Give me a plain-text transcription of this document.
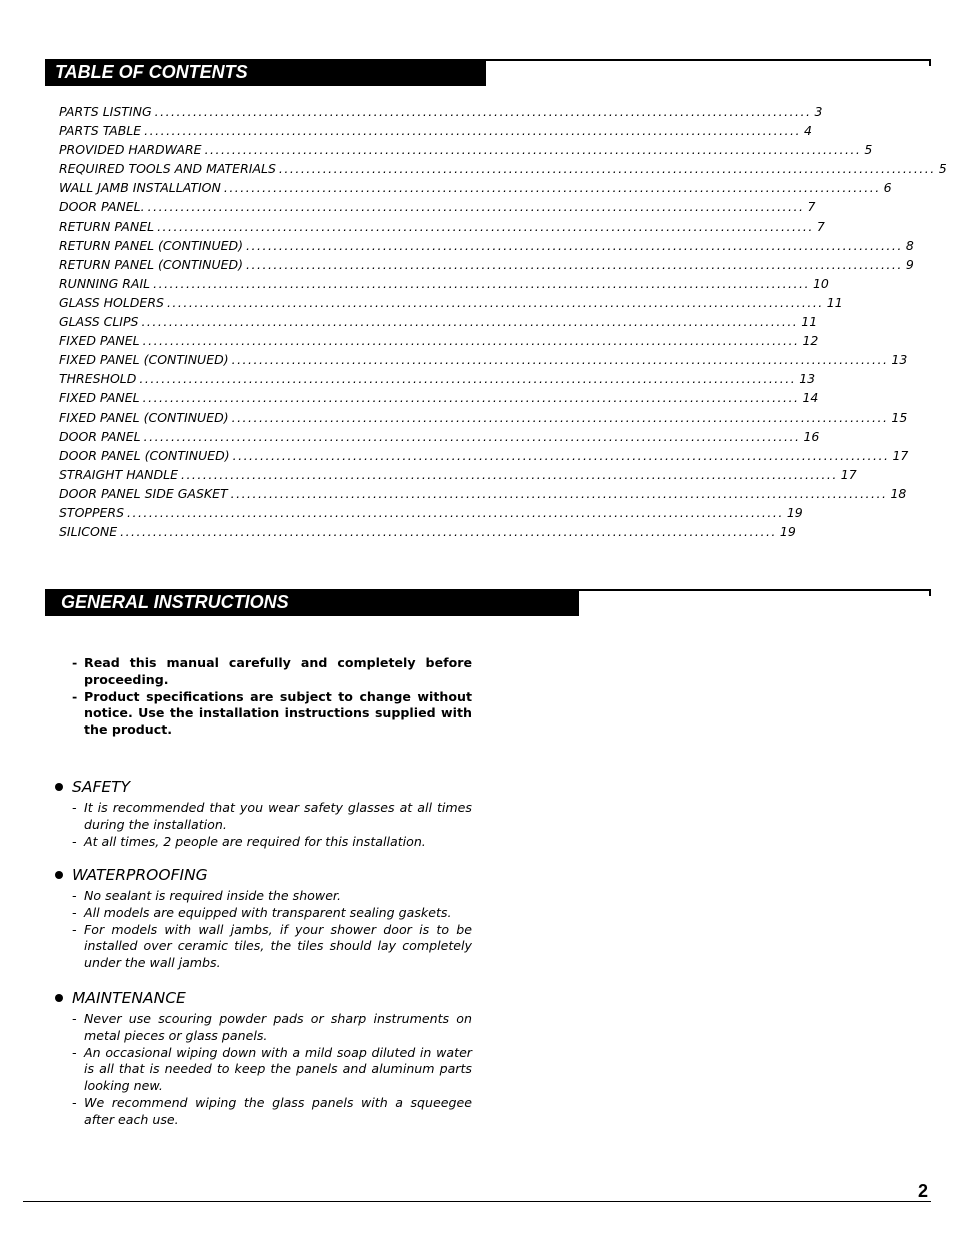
TABLE OF CONTENTS
PARTS LISTING ........................................................................................................................ 3
PARTS TABLE ........................................................................................................................ 4
PROVIDED HARDWARE ........................................................................................................................ 5
REQUIRED TOOLS AND MATERIALS ........................................................................................................................ 5
WALL JAMB INSTALLATION ........................................................................................................................ 6
DOOR PANEL. ........................................................................................................................ 7
RETURN PANEL ........................................................................................................................ 7
RETURN PANEL (CONTINUED) ........................................................................................................................ 8
RETURN PANEL (CONTINUED) ........................................................................................................................ 9
RUNNING RAIL ........................................................................................................................ 10
GLASS HOLDERS ........................................................................................................................ 11
GLASS CLIPS ........................................................................................................................ 11
FIXED PANEL ........................................................................................................................ 12
FIXED PANEL (CONTINUED) ........................................................................................................................ 13
THRESHOLD ........................................................................................................................ 13
FIXED PANEL ........................................................................................................................ 14
FIXED PANEL (CONTINUED) ........................................................................................................................ 15
DOOR PANEL ........................................................................................................................ 16
DOOR PANEL (CONTINUED) ........................................................................................................................ 17
STRAIGHT HANDLE ........................................................................................................................ 17
DOOR PANEL SIDE GASKET ........................................................................................................................ 18
STOPPERS ........................................................................................................................ 19
SILICONE ........................................................................................................................ 19
GENERAL INSTRUCTIONS
- Read this manual carefully and completely before proceeding.
- Product specifications are subject to change without notice. Use the installation instructions supplied with the product.
SAFETY
- It is recommended that you wear safety glasses at all times during the installation.
- At all times, 2 people are required for this installation.
WATERPROOFING
- No sealant is required inside the shower.
- All models are equipped with transparent sealing gaskets.
- For models with wall jambs, if your shower door is to be installed over ceramic tiles, the tiles should lay completely under the wall jambs.
MAINTENANCE
- Never use scouring powder pads or sharp instruments on metal pieces or glass panels.
- An occasional wiping down with a mild soap diluted in water is all that is needed to keep the panels and aluminum parts looking new.
- We recommend wiping the glass panels with a squeegee after each use.
2
